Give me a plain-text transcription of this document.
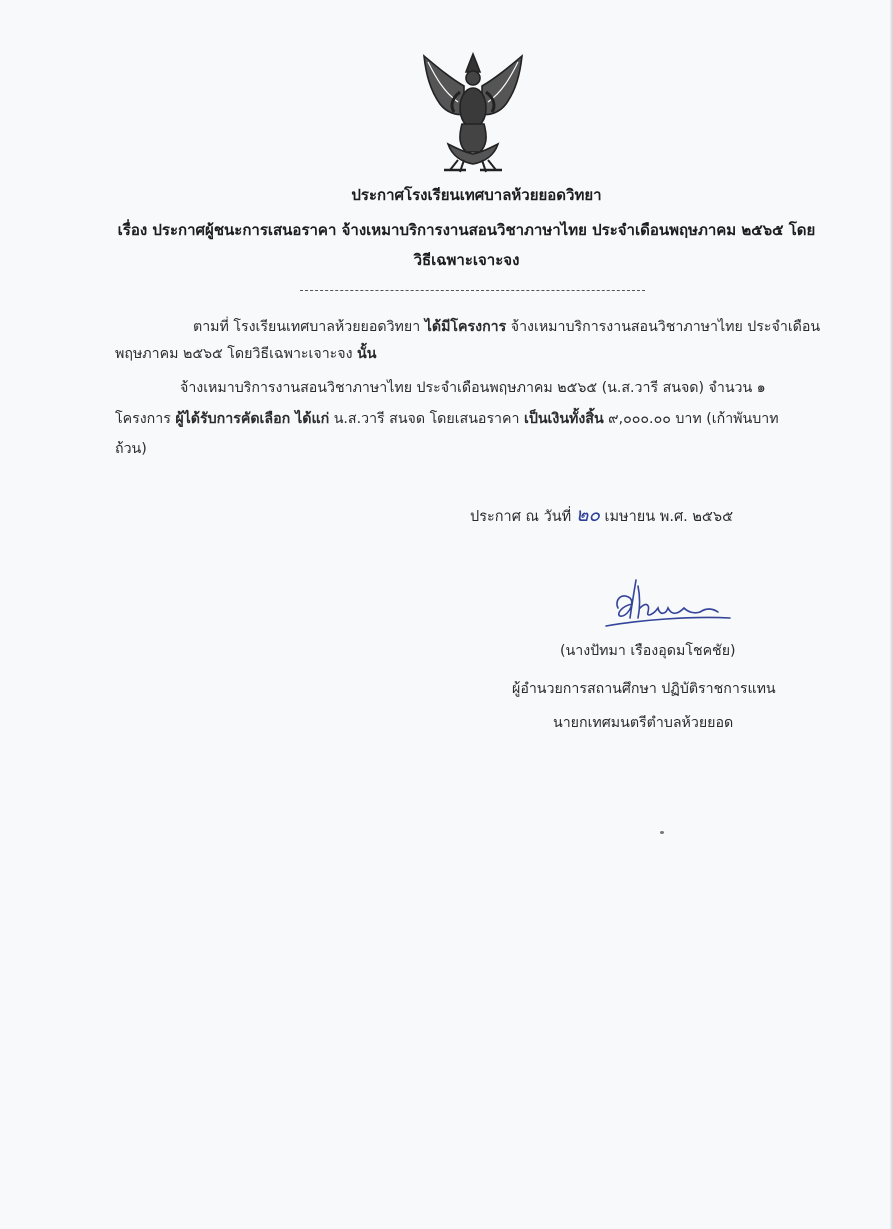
ประกาศโรงเรียนเทศบาลห้วยยอดวิทยา
เรื่อง ประกาศผู้ชนะการเสนอราคา จ้างเหมาบริการงานสอนวิชาภาษาไทย ประจำเดือนพฤษภาคม ๒๕๖๕ โดย
วิธีเฉพาะเจาะจง
ตามที่ โรงเรียนเทศบาลห้วยยอดวิทยา ได้มีโครงการ จ้างเหมาบริการงานสอนวิชาภาษาไทย ประจำเดือน
พฤษภาคม ๒๕๖๕ โดยวิธีเฉพาะเจาะจง นั้น
จ้างเหมาบริการงานสอนวิชาภาษาไทย ประจำเดือนพฤษภาคม ๒๕๖๕ (น.ส.วารี สนจด) จำนวน ๑
โครงการ ผู้ได้รับการคัดเลือก ได้แก่ น.ส.วารี สนจด โดยเสนอราคา เป็นเงินทั้งสิ้น ๙,๐๐๐.๐๐ บาท (เก้าพันบาท
ถ้วน)
ประกาศ ณ วันที่ ๒๐ เมษายน พ.ศ. ๒๕๖๕
(นางปัทมา เรืองอุดมโชคชัย)
ผู้อำนวยการสถานศึกษา ปฏิบัติราชการแทน
นายกเทศมนตรีตำบลห้วยยอด
